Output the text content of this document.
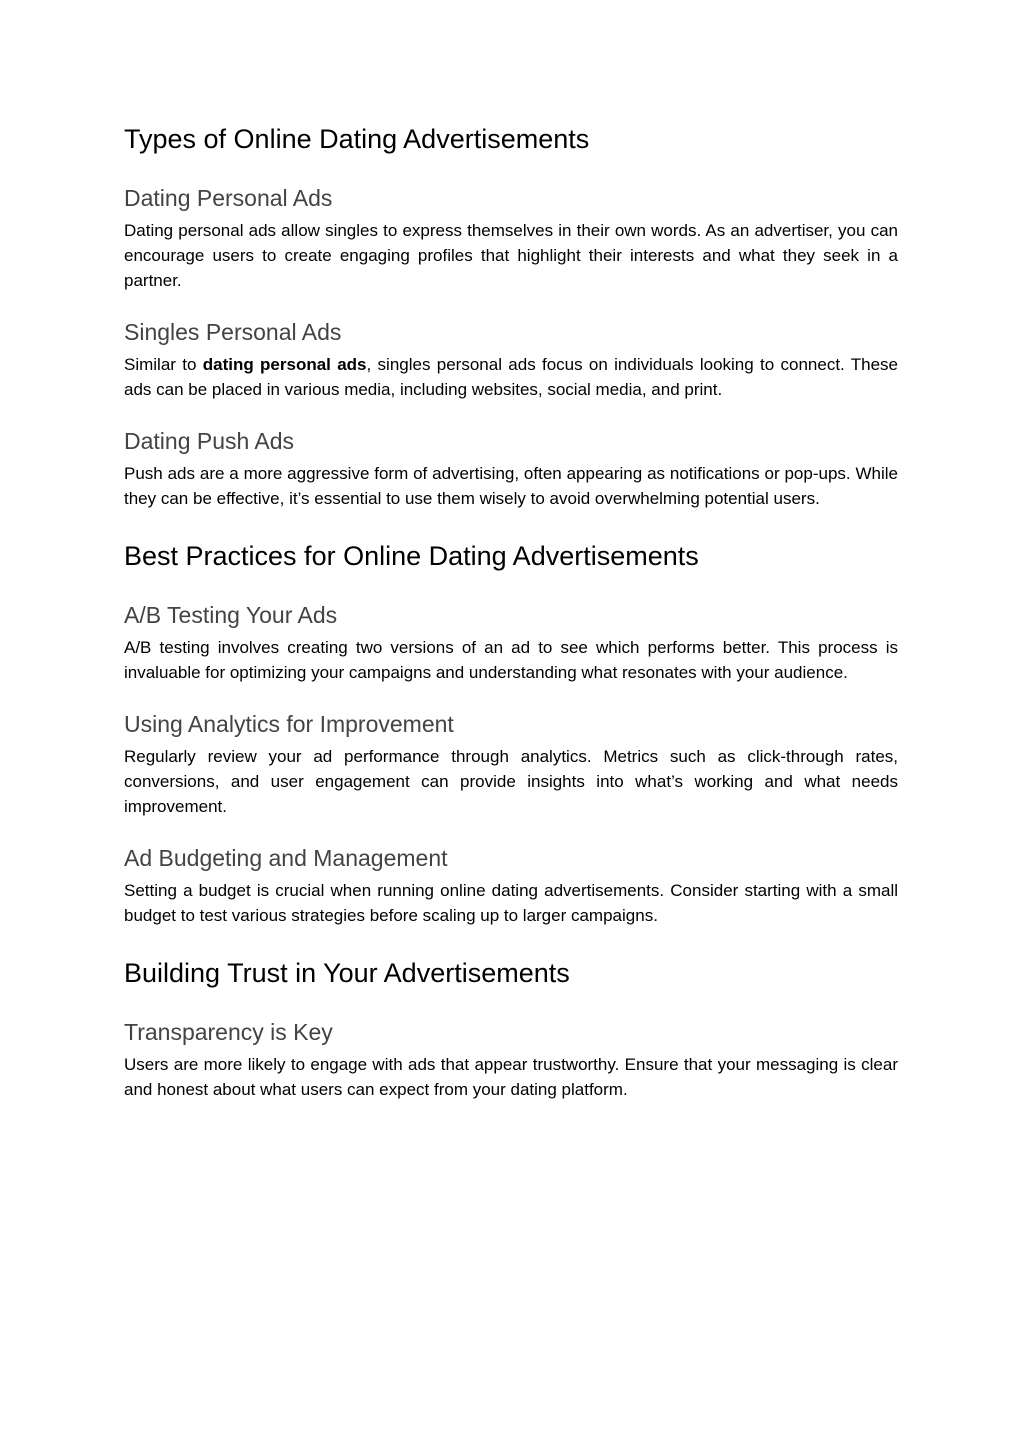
Types of Online Dating Advertisements
Dating Personal Ads

Dating personal ads allow singles to express themselves in their own words. As an advertiser, you can encourage users to create engaging profiles that highlight their interests and what they seek in a partner.

Singles Personal Ads

Similar to dating personal ads, singles personal ads focus on individuals looking to connect. These ads can be placed in various media, including websites, social media, and print.

Dating Push Ads

Push ads are a more aggressive form of advertising, often appearing as notifications or pop-ups. While they can be effective, it’s essential to use them wisely to avoid overwhelming potential users.

Best Practices for Online Dating Advertisements
A/B Testing Your Ads

A/B testing involves creating two versions of an ad to see which performs better. This process is invaluable for optimizing your campaigns and understanding what resonates with your audience.

Using Analytics for Improvement

Regularly review your ad performance through analytics. Metrics such as click-through rates, conversions, and user engagement can provide insights into what’s working and what needs improvement.

Ad Budgeting and Management

Setting a budget is crucial when running online dating advertisements. Consider starting with a small budget to test various strategies before scaling up to larger campaigns.

Building Trust in Your Advertisements
Transparency is Key

Users are more likely to engage with ads that appear trustworthy. Ensure that your messaging is clear and honest about what users can expect from your dating platform.
